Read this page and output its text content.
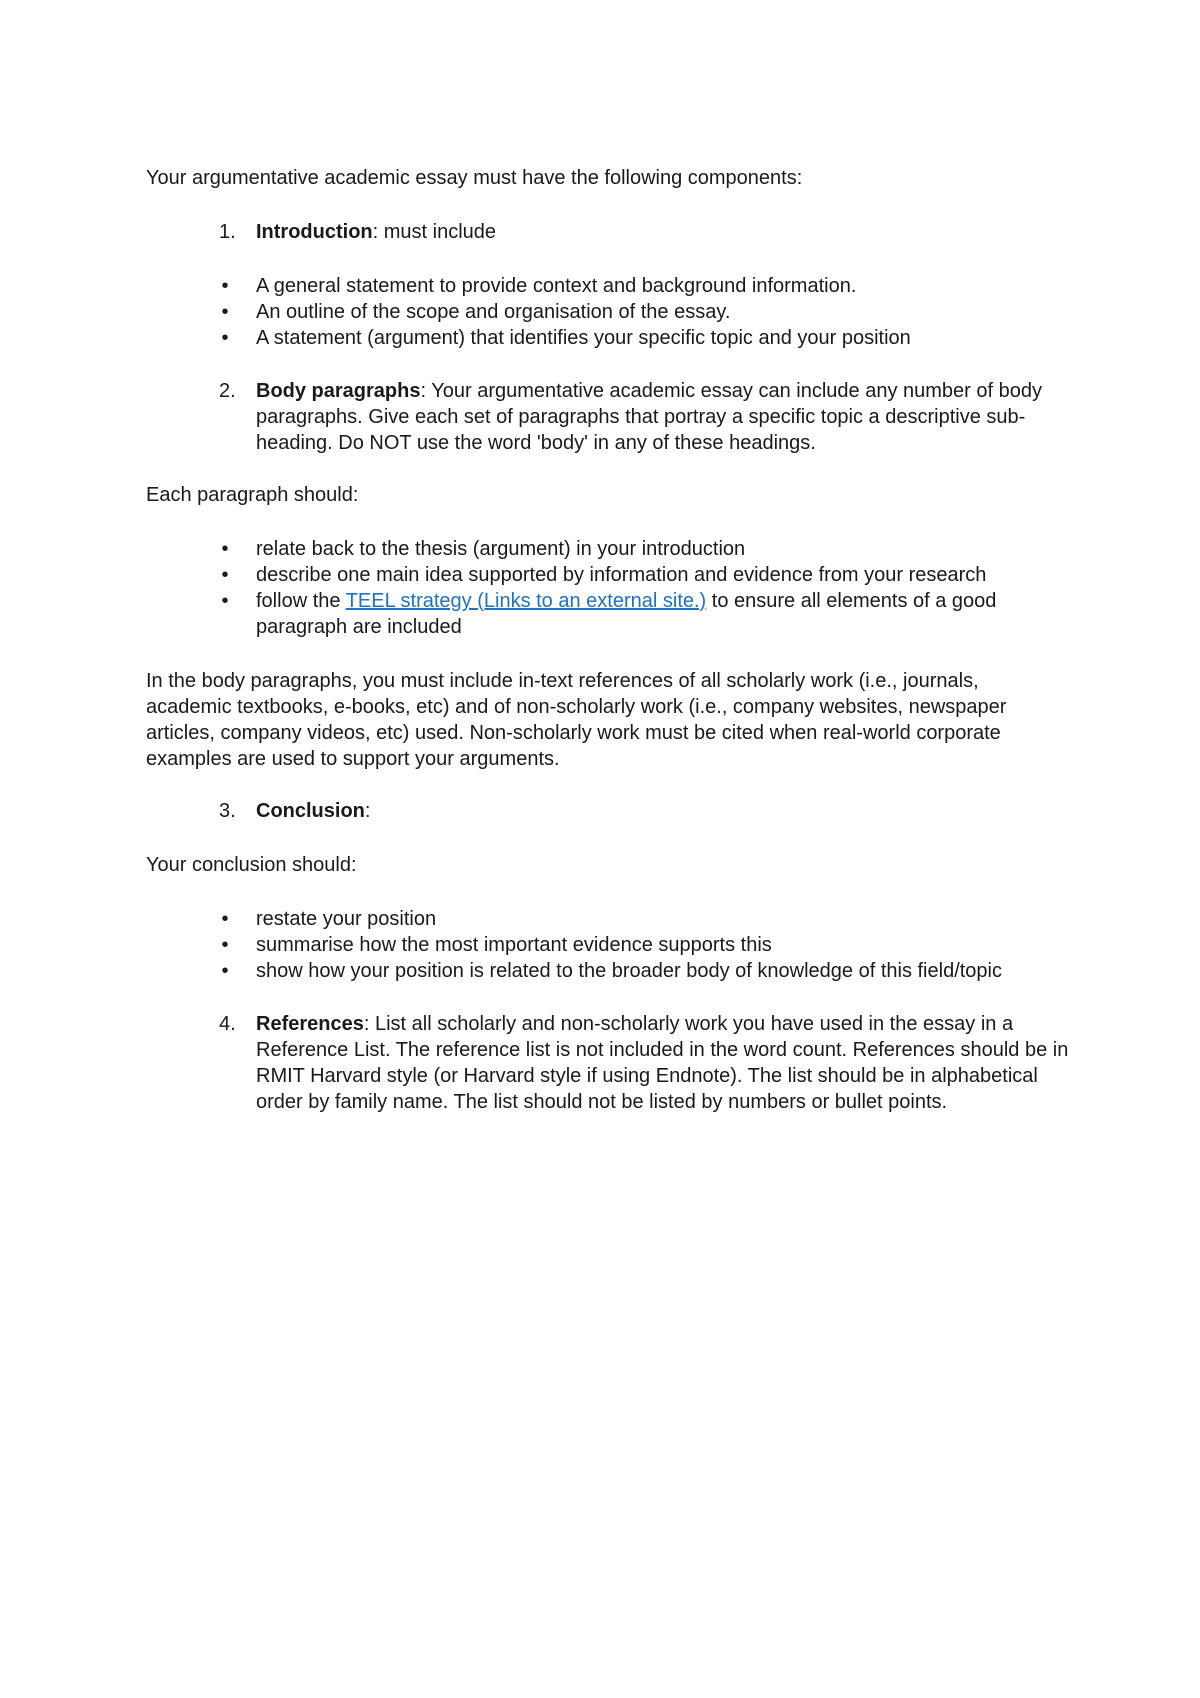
Your argumentative academic essay must have the following components:

1.	Introduction: must include
• A general statement to provide context and background information.
• An outline of the scope and organisation of the essay.
• A statement (argument) that identifies your specific topic and your position
2.	Body paragraphs: Your argumentative academic essay can include any number of body paragraphs. Give each set of paragraphs that portray a specific topic a descriptive sub-heading. Do NOT use the word 'body' in any of these headings.

Each paragraph should:

• relate back to the thesis (argument) in your introduction
• describe one main idea supported by information and evidence from your research
• follow the TEEL strategy (Links to an external site.) to ensure all elements of a good paragraph are included

In the body paragraphs, you must include in-text references of all scholarly work (i.e., journals, academic textbooks, e-books, etc) and of non-scholarly work (i.e., company websites, newspaper articles, company videos, etc) used. Non-scholarly work must be cited when real-world corporate examples are used to support your arguments.

3.	Conclusion:

Your conclusion should:

• restate your position
• summarise how the most important evidence supports this
• show how your position is related to the broader body of knowledge of this field/topic
4.	References: List all scholarly and non-scholarly work you have used in the essay in a Reference List. The reference list is not included in the word count. References should be in RMIT Harvard style (or Harvard style if using Endnote). The list should be in alphabetical order by family name. The list should not be listed by numbers or bullet points.
